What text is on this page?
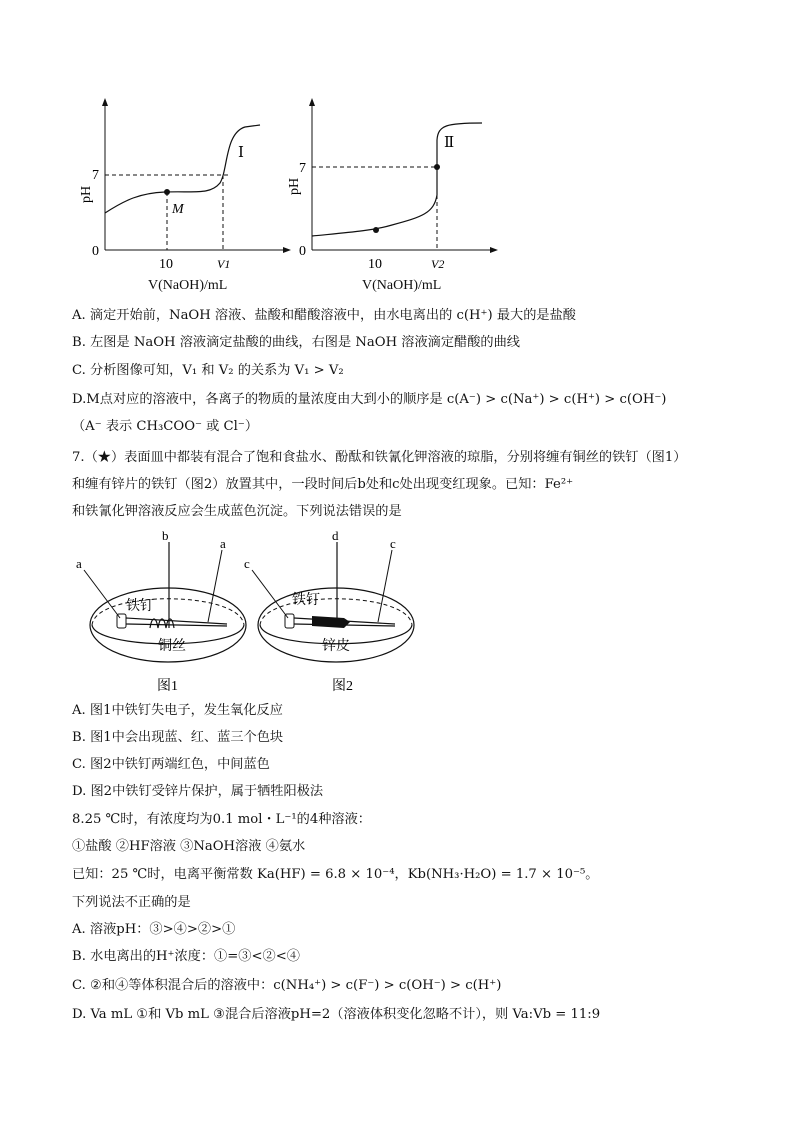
Ⅰ
M
7
0
10	V1
pH
V(NaOH)/mL
Ⅱ
7
0
10	V2
pH
V(NaOH)/mL
A. 滴定开始前，NaOH 溶液、盐酸和醋酸溶液中，由水电离出的 c(H⁺) 最大的是盐酸
B. 左图是 NaOH 溶液滴定盐酸的曲线，右图是 NaOH 溶液滴定醋酸的曲线
C. 分析图像可知，V₁ 和 V₂ 的关系为 V₁ > V₂
D.M点对应的溶液中，各离子的物质的量浓度由大到小的顺序是 c(A⁻) > c(Na⁺) > c(H⁺) > c(OH⁻)
（A⁻ 表示 CH₃COO⁻ 或 Cl⁻）
7.（★）表面皿中都装有混合了饱和食盐水、酚酞和铁氰化钾溶液的琼脂，分别将缠有铜丝的铁钉（图1）
和缠有锌片的铁钉（图2）放置其中，一段时间后b处和c处出现变红现象。已知：Fe²⁺
和铁氰化钾溶液反应会生成蓝色沉淀。下列说法错误的是
a
b
a
铁钉
铜丝
图1
c
d
c
铁钉
锌皮
图2
A. 图1中铁钉失电子，发生氧化反应
B. 图1中会出现蓝、红、蓝三个色块
C. 图2中铁钉两端红色，中间蓝色
D. 图2中铁钉受锌片保护，属于牺牲阳极法
8.25 ℃时，有浓度均为0.1 mol・L⁻¹的4种溶液：
①盐酸 ②HF溶液 ③NaOH溶液 ④氨水
已知：25 ℃时，电离平衡常数 Ka(HF) = 6.8 × 10⁻⁴，Kb(NH₃·H₂O) = 1.7 × 10⁻⁵。
下列说法不正确的是
A. 溶液pH：③>④>②>①
B. 水电离出的H⁺浓度：①=③<②<④
C. ②和④等体积混合后的溶液中：c(NH₄⁺) > c(F⁻) > c(OH⁻) > c(H⁺)
D. Va mL ①和 Vb mL ③混合后溶液pH=2（溶液体积变化忽略不计），则 Va:Vb = 11:9
